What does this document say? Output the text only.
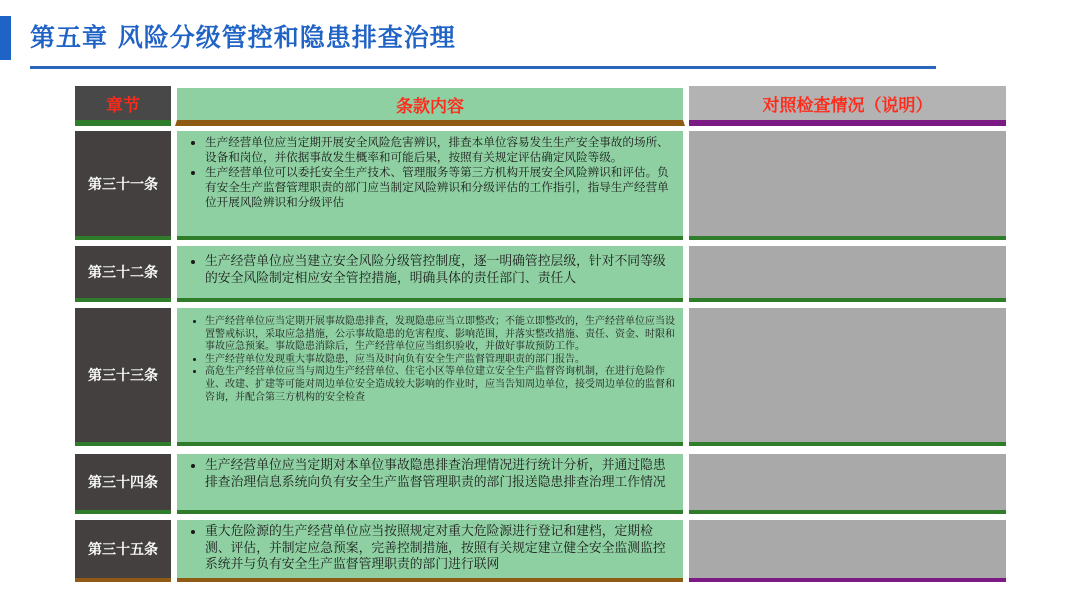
第五章 风险分级管控和隐患排查治理
章节	条款内容	对照检查情况（说明）
第三十一条
• 生产经营单位应当定期开展安全风险危害辨识，排查本单位容易发生生产安全事故的场所、设备和岗位，并依据事故发生概率和可能后果，按照有关规定评估确定风险等级。
• 生产经营单位可以委托安全生产技术、管理服务等第三方机构开展安全风险辨识和评估。负有安全生产监督管理职责的部门应当制定风险辨识和分级评估的工作指引，指导生产经营单位开展风险辨识和分级评估
第三十二条
• 生产经营单位应当建立安全风险分级管控制度，逐一明确管控层级，针对不同等级的安全风险制定相应安全管控措施，明确具体的责任部门、责任人
第三十三条
• 生产经营单位应当定期开展事故隐患排查，发现隐患应当立即整改；不能立即整改的，生产经营单位应当设置警戒标识，采取应急措施，公示事故隐患的危害程度、影响范围，并落实整改措施、责任、资金、时限和事故应急预案。事故隐患消除后，生产经营单位应当组织验收，并做好事故预防工作。
• 生产经营单位发现重大事故隐患，应当及时向负有安全生产监督管理职责的部门报告。
• 高危生产经营单位应当与周边生产经营单位、住宅小区等单位建立安全生产监督咨询机制，在进行危险作业、改建、扩建等可能对周边单位安全造成较大影响的作业时，应当告知周边单位，接受周边单位的监督和咨询，并配合第三方机构的安全检查
第三十四条
• 生产经营单位应当定期对本单位事故隐患排查治理情况进行统计分析，并通过隐患排查治理信息系统向负有安全生产监督管理职责的部门报送隐患排查治理工作情况
第三十五条
• 重大危险源的生产经营单位应当按照规定对重大危险源进行登记和建档，定期检测、评估，并制定应急预案，完善控制措施，按照有关规定建立健全安全监测监控系统并与负有安全生产监督管理职责的部门进行联网
